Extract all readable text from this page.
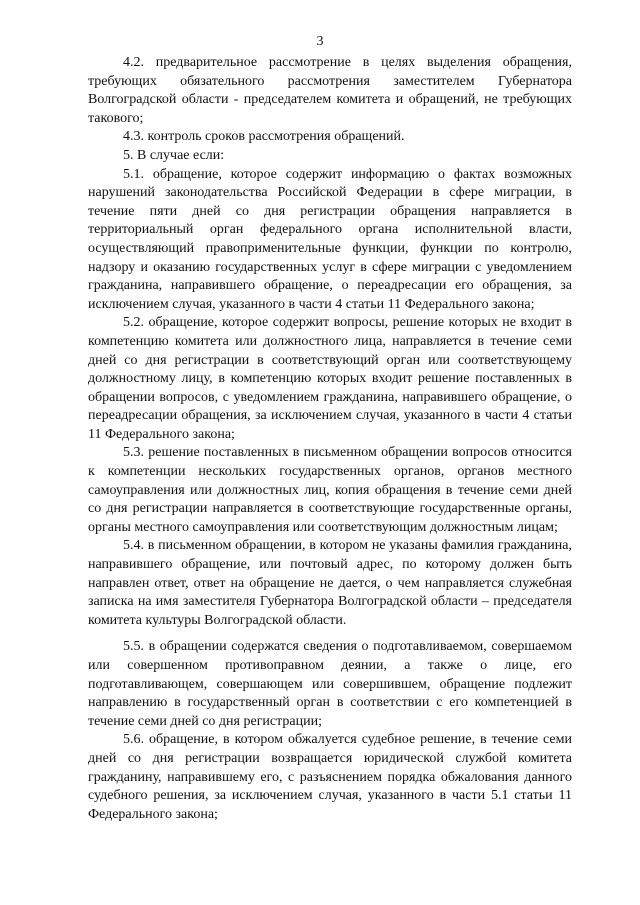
3

4.2. предварительное рассмотрение в целях выделения обращения, требующих обязательного рассмотрения заместителем Губернатора Волгоградской области - председателем комитета и обращений, не требующих такового;

4.3. контроль сроков рассмотрения обращений.

5. В случае если:

5.1. обращение, которое содержит информацию о фактах возможных нарушений законодательства Российской Федерации в сфере миграции, в течение пяти дней со дня регистрации обращения направляется в территориальный орган федерального органа исполнительной власти, осуществляющий правоприменительные функции, функции по контролю, надзору и оказанию государственных услуг в сфере миграции с уведомлением гражданина, направившего обращение, о переадресации его обращения, за исключением случая, указанного в части 4 статьи 11 Федерального закона;

5.2. обращение, которое содержит вопросы, решение которых не входит в компетенцию комитета или должностного лица, направляется в течение семи дней со дня регистрации в соответствующий орган или соответствующему должностному лицу, в компетенцию которых входит решение поставленных в обращении вопросов, с уведомлением гражданина, направившего обращение, о переадресации обращения, за исключением случая, указанного в части 4 статьи 11 Федерального закона;

5.3. решение поставленных в письменном обращении вопросов относится к компетенции нескольких государственных органов, органов местного самоуправления или должностных лиц, копия обращения в течение семи дней со дня регистрации направляется в соответствующие государственные органы, органы местного самоуправления или соответствующим должностным лицам;

5.4. в письменном обращении, в котором не указаны фамилия гражданина, направившего обращение, или почтовый адрес, по которому должен быть направлен ответ, ответ на обращение не дается, о чем направляется служебная записка на имя заместителя Губернатора Волгоградской области – председателя комитета культуры Волгоградской области.

5.5. в обращении содержатся сведения о подготавливаемом, совершаемом или совершенном противоправном деянии, а также о лице, его подготавливающем, совершающем или совершившем, обращение подлежит направлению в государственный орган в соответствии с его компетенцией в течение семи дней со дня регистрации;

5.6. обращение, в котором обжалуется судебное решение, в течение семи дней со дня регистрации возвращается юридической службой комитета гражданину, направившему его, с разъяснением порядка обжалования данного судебного решения, за исключением случая, указанного в части 5.1 статьи 11 Федерального закона;
